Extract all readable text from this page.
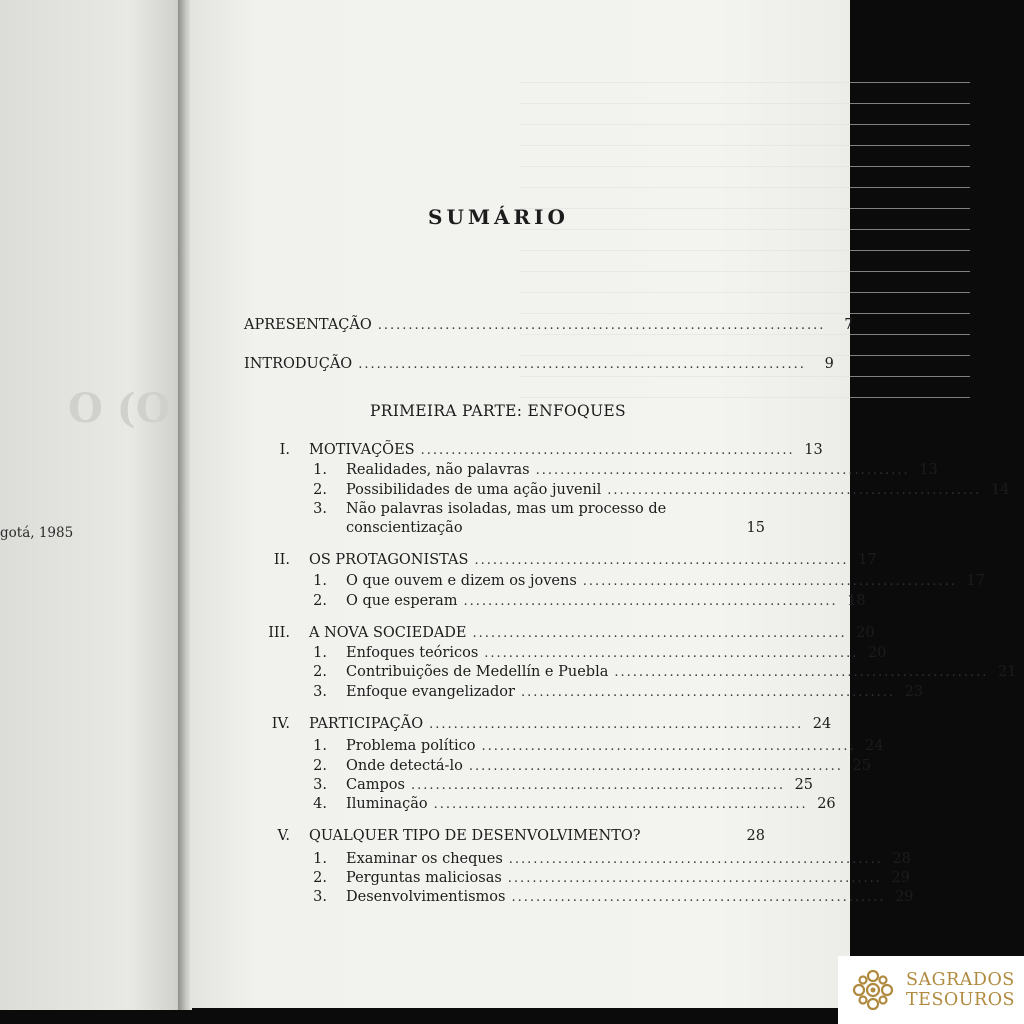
O (O
gotá, 1985
SUMÁRIO
APRESENTAÇÃO .........................................................................	7
INTRODUÇÃO .........................................................................	9
PRIMEIRA PARTE: ENFOQUES
I. MOTIVAÇÕES ............................................................. 13
1. Realidades, não palavras ............................................................. 13
2. Possibilidades de uma ação juvenil ............................................................. 14
3. Não palavras isoladas, mas um processo de
conscientização	15
II. OS PROTAGONISTAS ............................................................. 17
1. O que ouvem e dizem os jovens ............................................................. 17
2. O que esperam ............................................................. 18
III. A NOVA SOCIEDADE ............................................................. 20
1. Enfoques teóricos ............................................................. 20
2. Contribuições de Medellín e Puebla ............................................................. 21
3. Enfoque evangelizador ............................................................. 23
IV. PARTICIPAÇÃO ............................................................. 24
1. Problema político ............................................................. 24
2. Onde detectá-lo ............................................................. 25
3. Campos ............................................................. 25
4. Iluminação ............................................................. 26
V. QUALQUER TIPO DE DESENVOLVIMENTO?	28
1. Examinar os cheques ............................................................. 28
2. Perguntas maliciosas ............................................................. 29
3. Desenvolvimentismos ............................................................. 29
SAGRADOS
TESOUROS
